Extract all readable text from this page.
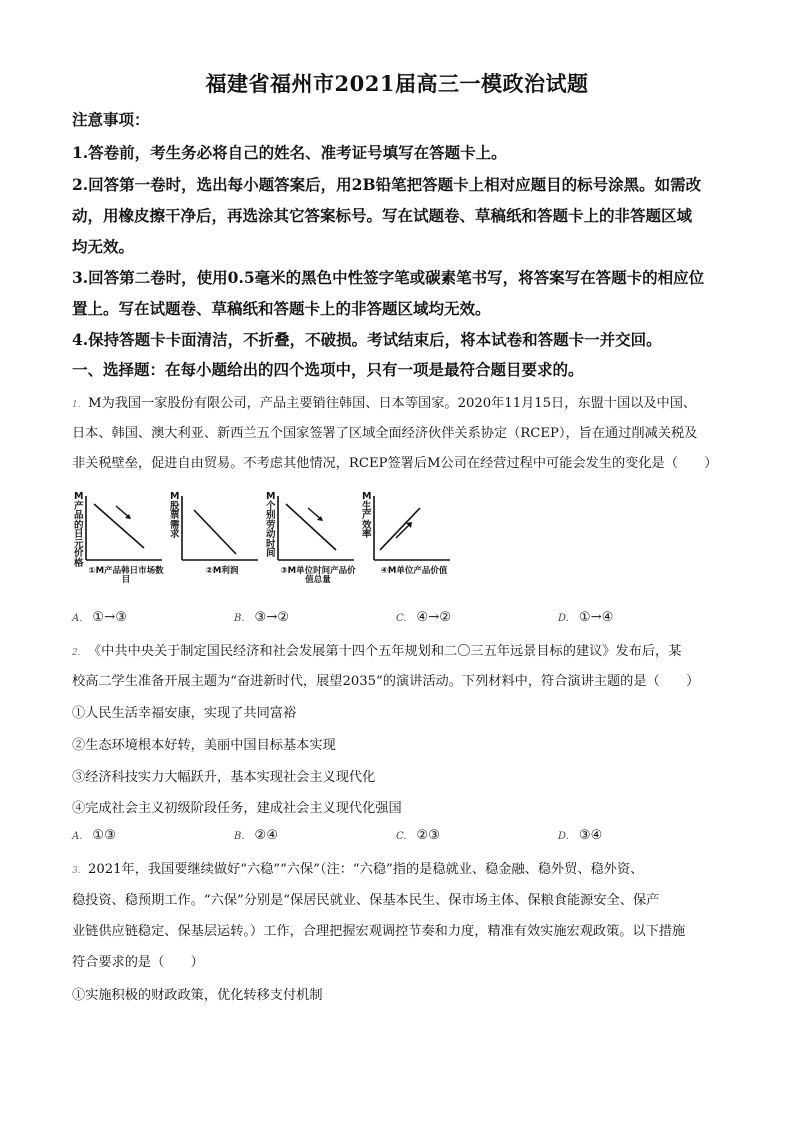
福建省福州市2021届高三一模政治试题
注意事项：
1.答卷前，考生务必将自己的姓名、准考证号填写在答题卡上。
2.回答第一卷时，选出每小题答案后，用2B铅笔把答题卡上相对应题目的标号涂黑。如需改
动，用橡皮擦干净后，再选涂其它答案标号。写在试题卷、草稿纸和答题卡上的非答题区域
均无效。
3.回答第二卷时，使用0.5毫米的黑色中性签字笔或碳素笔书写，将答案写在答题卡的相应位
置上。写在试题卷、草稿纸和答题卡上的非答题区域均无效。
4.保持答题卡卡面清洁，不折叠，不破损。考试结束后，将本试卷和答题卡一并交回。
一、选择题：在每小题给出的四个选项中，只有一项是最符合题目要求的。
1. M为我国一家股份有限公司，产品主要销往韩国、日本等国家。2020年11月15日，东盟十国以及中国、
日本、韩国、澳大利亚、新西兰五个国家签署了区域全面经济伙伴关系协定（RCEP），旨在通过削减关税及
非关税壁垒，促进自由贸易。不考虑其他情况，RCEP签署后M公司在经营过程中可能会发生的变化是（　　）
M产品的日元价格
①M产品韩日市场数目
M股票需求
②M利润
M个别劳动时间
③M单位时间产品价值总量
M生产效率
④M单位产品价值
A. ①→③	B. ③→②	C. ④→②	D. ①→④
2. 《中共中央关于制定国民经济和社会发展第十四个五年规划和二〇三五年远景目标的建议》发布后，某
校高二学生准备开展主题为“奋进新时代，展望2035”的演讲活动。下列材料中，符合演讲主题的是（　　）
①人民生活幸福安康，实现了共同富裕
②生态环境根本好转，美丽中国目标基本实现
③经济科技实力大幅跃升，基本实现社会主义现代化
④完成社会主义初级阶段任务，建成社会主义现代化强国
A. ①③	B. ②④	C. ②③	D. ③④
3. 2021年，我国要继续做好“六稳”“六保”（注：“六稳”指的是稳就业、稳金融、稳外贸、稳外资、
稳投资、稳预期工作。“六保”分别是“保居民就业、保基本民生、保市场主体、保粮食能源安全、保产
业链供应链稳定、保基层运转。）工作，合理把握宏观调控节奏和力度，精准有效实施宏观政策。以下措施
符合要求的是（　　）
①实施积极的财政政策，优化转移支付机制
